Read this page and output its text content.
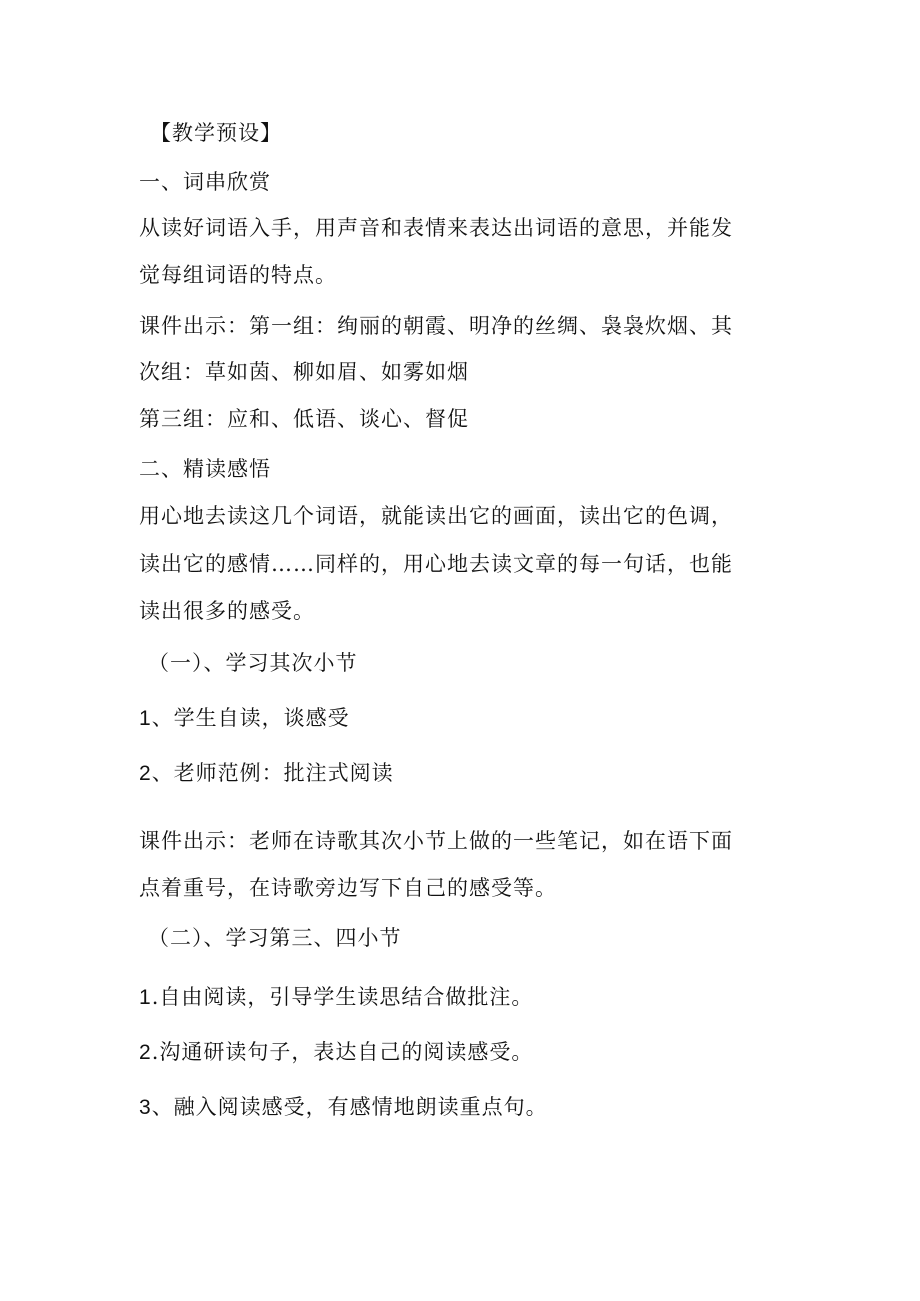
【教学预设】
一、词串欣赏
从读好词语入手，用声音和表情来表达出词语的意思，并能发
觉每组词语的特点。
课件出示：第一组：绚丽的朝霞、明净的丝绸、袅袅炊烟、其
次组：草如茵、柳如眉、如雾如烟
第三组：应和、低语、谈心、督促
二、精读感悟
用心地去读这几个词语，就能读出它的画面，读出它的色调，
读出它的感情……同样的，用心地去读文章的每一句话，也能
读出很多的感受。
（一）、学习其次小节
1、学生自读，谈感受
2、老师范例：批注式阅读
课件出示：老师在诗歌其次小节上做的一些笔记，如在语下面
点着重号，在诗歌旁边写下自己的感受等。
（二）、学习第三、四小节
1.自由阅读，引导学生读思结合做批注。
2.沟通研读句子，表达自己的阅读感受。
3、融入阅读感受，有感情地朗读重点句。
